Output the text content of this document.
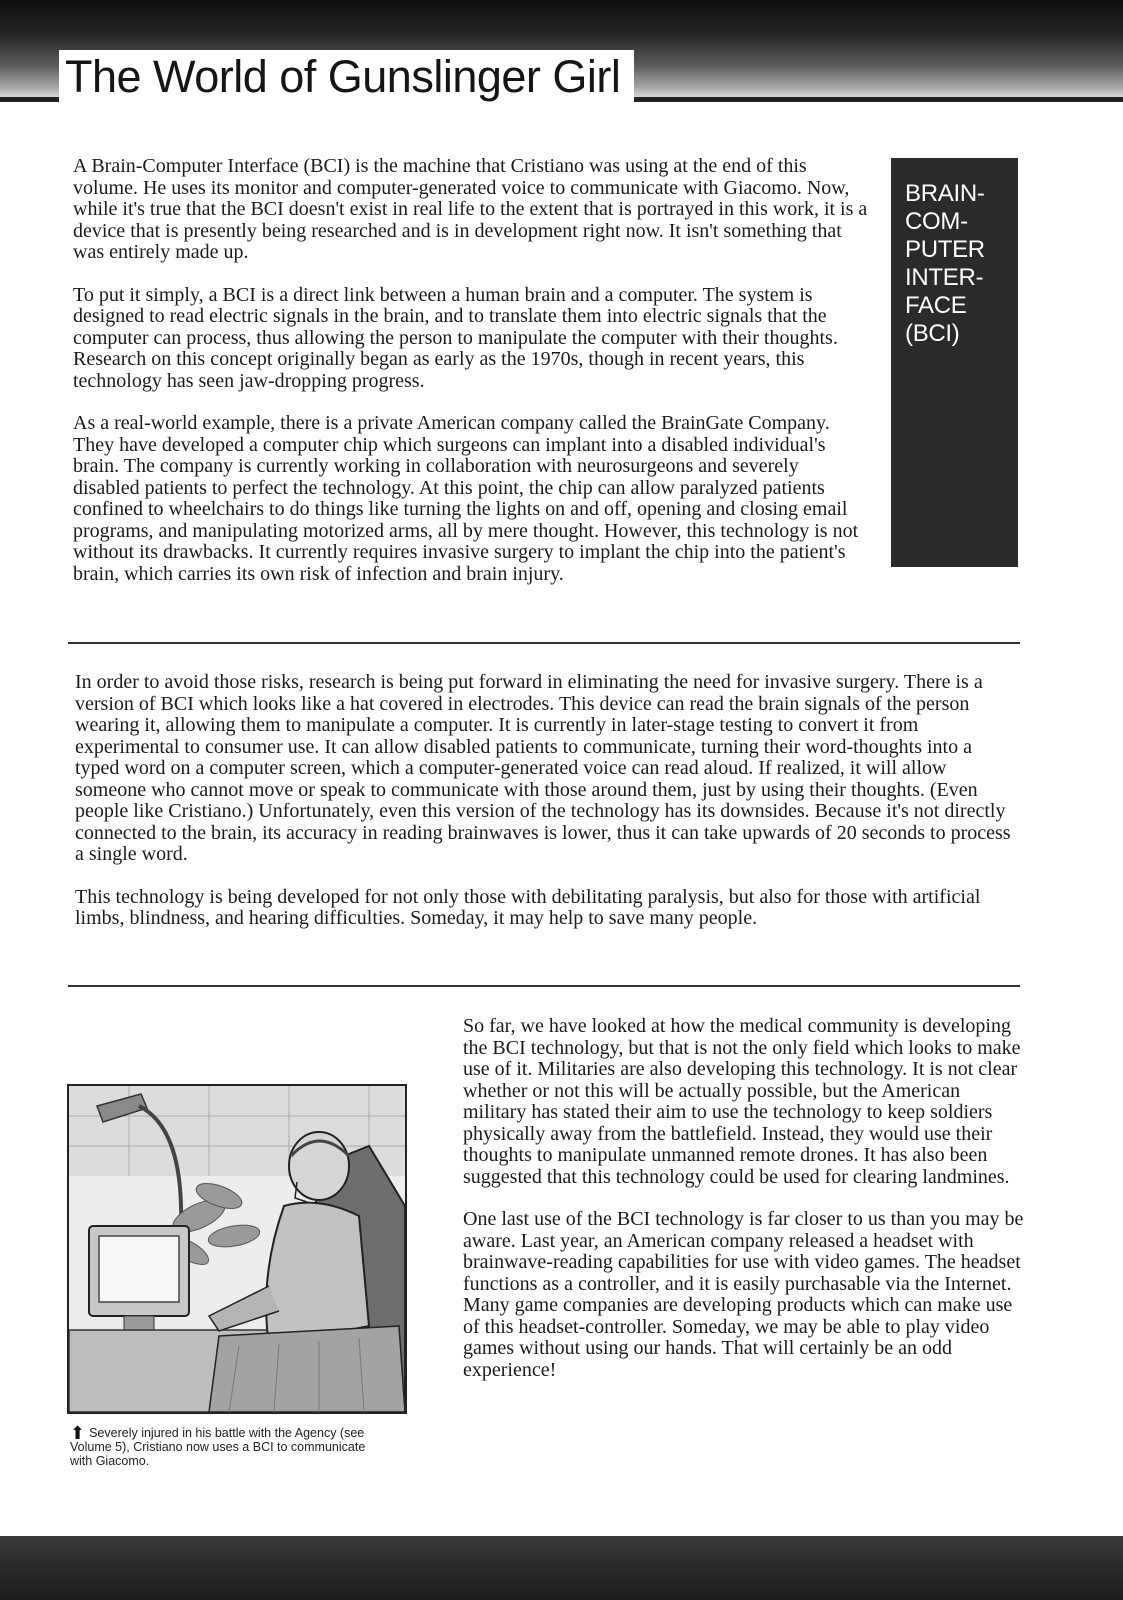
The World of Gunslinger Girl

A Brain-Computer Interface (BCI) is the machine that Cristiano was using at the end of this volume. He uses its monitor and computer-generated voice to communicate with Giacomo. Now, while it's true that the BCI doesn't exist in real life to the extent that is portrayed in this work, it is a device that is presently being researched and is in development right now. It isn't something that was entirely made up.

To put it simply, a BCI is a direct link between a human brain and a computer. The system is designed to read electric signals in the brain, and to translate them into electric signals that the computer can process, thus allowing the person to manipulate the computer with their thoughts. Research on this concept originally began as early as the 1970s, though in recent years, this technology has seen jaw-dropping progress.

As a real-world example, there is a private American company called the BrainGate Company. They have developed a computer chip which surgeons can implant into a disabled individual's brain. The company is currently working in collaboration with neurosurgeons and severely disabled patients to perfect the technology. At this point, the chip can allow paralyzed patients confined to wheelchairs to do things like turning the lights on and off, opening and closing email programs, and manipulating motorized arms, all by mere thought. However, this technology is not without its drawbacks. It currently requires invasive surgery to implant the chip into the patient's brain, which carries its own risk of infection and brain injury.

BRAIN-
COM-
PUTER
INTER-
FACE
(BCI)

In order to avoid those risks, research is being put forward in eliminating the need for invasive surgery. There is a version of BCI which looks like a hat covered in electrodes. This device can read the brain signals of the person wearing it, allowing them to manipulate a computer. It is currently in later-stage testing to convert it from experimental to consumer use. It can allow disabled patients to communicate, turning their word-thoughts into a typed word on a computer screen, which a computer-generated voice can read aloud. If realized, it will allow someone who cannot move or speak to communicate with those around them, just by using their thoughts. (Even people like Cristiano.) Unfortunately, even this version of the technology has its downsides. Because it's not directly connected to the brain, its accuracy in reading brainwaves is lower, thus it can take upwards of 20 seconds to process a single word.

This technology is being developed for not only those with debilitating paralysis, but also for those with artificial limbs, blindness, and hearing difficulties. Someday, it may help to save many people.

⬆ Severely injured in his battle with the Agency (see Volume 5), Cristiano now uses a BCI to communicate with Giacomo.

So far, we have looked at how the medical community is developing the BCI technology, but that is not the only field which looks to make use of it. Militaries are also developing this technology. It is not clear whether or not this will be actually possible, but the American military has stated their aim to use the technology to keep soldiers physically away from the battlefield. Instead, they would use their thoughts to manipulate unmanned remote drones. It has also been suggested that this technology could be used for clearing landmines.

One last use of the BCI technology is far closer to us than you may be aware. Last year, an American company released a headset with brainwave-reading capabilities for use with video games. The headset functions as a controller, and it is easily purchasable via the Internet. Many game companies are developing products which can make use of this headset-controller. Someday, we may be able to play video games without using our hands. That will certainly be an odd experience!
